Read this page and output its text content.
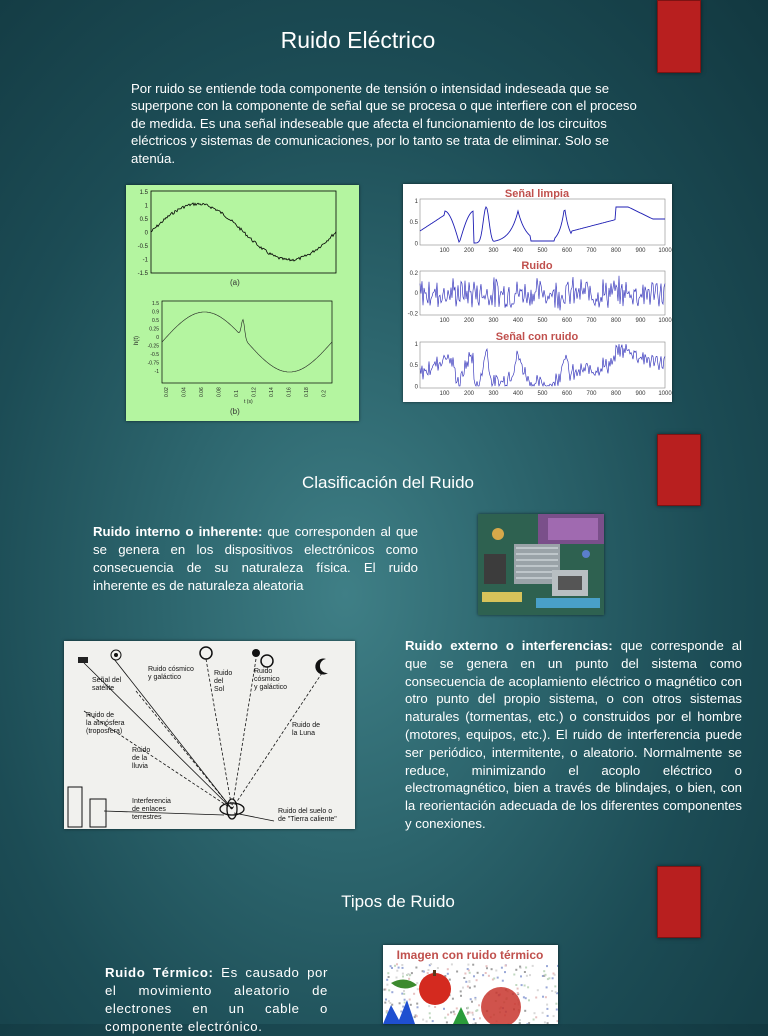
Ruido Eléctrico
Por ruido se entiende toda componente de tensión o intensidad indeseada que se superpone con la componente de señal que se procesa o que interfiere con el proceso de medida. Es una señal indeseable que afecta el funcionamiento de los circuitos eléctricos y sistemas de comunicaciones, por lo tanto se trata de eliminar. Solo se atenúa.
1.5
1
0.5
0
-0.5
-1
-1.5
(a)
1.5
0.9
0.5
0.25
0
-0.25
-0.5
-0.75
-1
0.02 0.04 0.06 0.08 0.1 0.12 0.14 0.16 0.18 0.2
h(t)
t (s)
(b)
Señal limpia
1
0.5
0
100 200 300 400 500 600 700 800 900 1000
Ruido
0.2
0
-0.2
100 200 300 400 500 600 700 800 900 1000
Señal con ruido
1
0.5
0
100 200 300 400 500 600 700 800 900 1000
Clasificación del Ruido
Ruido interno o inherente: que corresponden al que se genera en los dispositivos electrónicos como consecuencia de su naturaleza física. El ruido inherente es de naturaleza aleatoria
Señal del
satélite
Ruido cósmico
y galáctico
Ruido
del
Sol
Ruido
cósmico
y galáctico
Ruido de
la atmósfera
(troposfera)
Ruido de
la Luna
Ruido
de la
lluvia
Interferencia
de enlaces
terrestres
Ruido del suelo o
de "Tierra caliente"
Ruido externo o interferencias: que corresponde al que se genera en un punto del sistema como consecuencia de acoplamiento eléctrico o magnético con otro punto del propio sistema, o con otros sistemas naturales (tormentas, etc.) o construidos por el hombre (motores, equipos, etc.). El ruido de interferencia puede ser periódico, intermitente, o aleatorio. Normalmente se reduce, minimizando el acoplo eléctrico o electromagnético, bien a través de blindajes, o bien, con la reorientación adecuada de los diferentes componentes y conexiones.
Tipos de Ruido
Ruido Térmico: Es causado por el movimiento aleatorio de electrones en un cable o componente electrónico.
Imagen con ruido térmico
